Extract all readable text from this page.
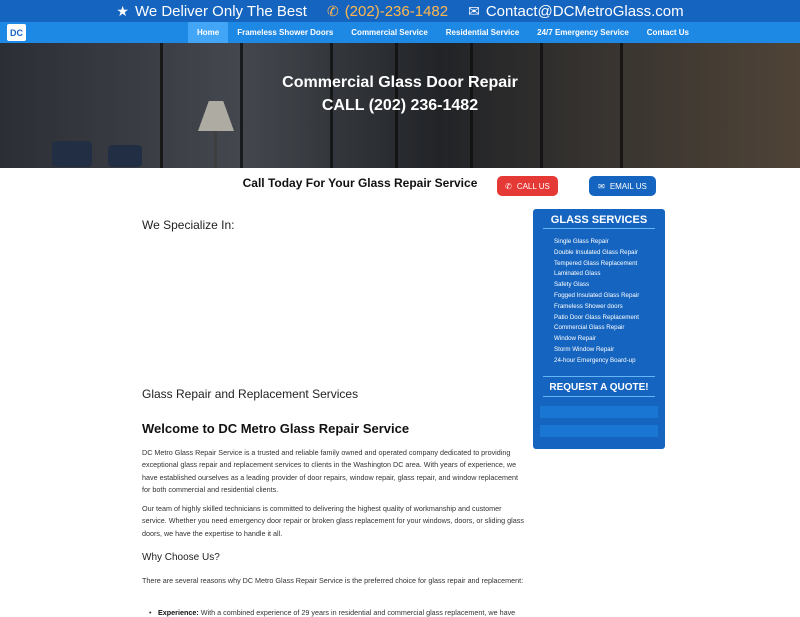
★ We Deliver Only The Best ✆ (202)-236-1482 ✉ Contact@DCMetroGlass.com
DC	Home	Frameless Shower Doors	Commercial Service	Residential Service	24/7 Emergency Service	Contact Us
Commercial Glass Door Repair
CALL (202) 236-1482
Call Today For Your Glass Repair Service	✆ CALL US	✉ EMAIL US
We Specialize In:
Glass Repair and Replacement Services
Welcome to DC Metro Glass Repair Service
DC Metro Glass Repair Service is a trusted and reliable family owned and operated company dedicated to providing exceptional glass repair and replacement services to clients in the Washington DC area. With years of experience, we have established ourselves as a leading provider of door repairs, window repair, glass repair, and window replacement for both commercial and residential clients.
Our team of highly skilled technicians is committed to delivering the highest quality of workmanship and customer service. Whether you need emergency door repair or broken glass replacement for your windows, doors, or sliding glass doors, we have the expertise to handle it all.
Why Choose Us?
There are several reasons why DC Metro Glass Repair Service is the preferred choice for glass repair and replacement:
• Experience: With a combined experience of 29 years in residential and commercial glass replacement, we have
GLASS SERVICES
Single Glass Repair
Double Insulated Glass Repair
Tempered Glass Replacement
Laminated Glass
Safety Glass
Fogged Insulated Glass Repair
Frameless Shower doors
Patio Door Glass Replacement
Commercial Glass Repair
Window Repair
Storm Window Repair
24-hour Emergency Board-up
REQUEST A QUOTE!
